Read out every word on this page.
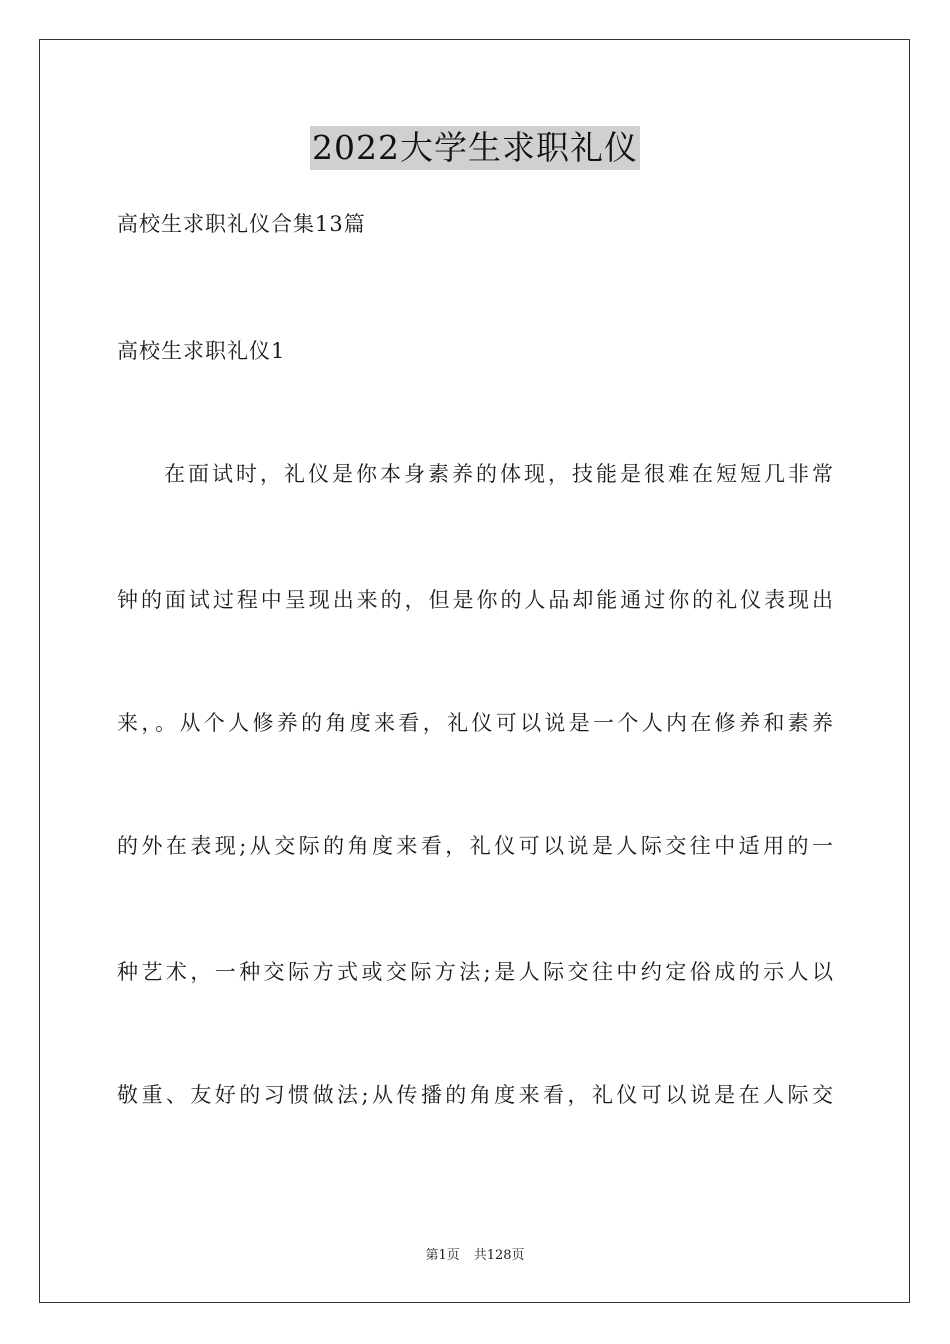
2022大学生求职礼仪
高校生求职礼仪合集13篇
高校生求职礼仪1
在面试时，礼仪是你本身素养的体现，技能是很难在短短几非常
钟的面试过程中呈现出来的，但是你的人品却能通过你的礼仪表现出
来，。从个人修养的角度来看，礼仪可以说是一个人内在修养和素养
的外在表现;从交际的角度来看，礼仪可以说是人际交往中适用的一
种艺术，一种交际方式或交际方法;是人际交往中约定俗成的示人以
敬重、友好的习惯做法;从传播的角度来看，礼仪可以说是在人际交
第1页 共128页
